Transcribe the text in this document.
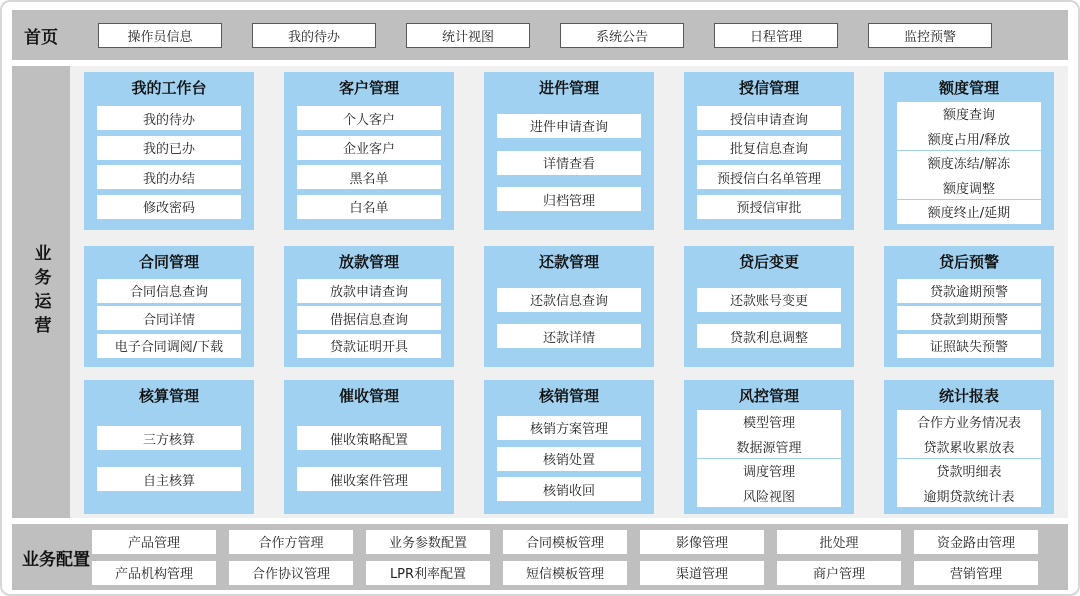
首页	操作员信息	我的待办	统计视图	系统公告	日程管理	监控预警
业务运营
我的工作台
我的待办
我的已办
我的办结
修改密码
客户管理
个人客户
企业客户
黑名单
白名单
进件管理
进件申请查询
详情查看
归档管理
授信管理
授信申请查询
批复信息查询
预授信白名单管理
预授信审批
额度管理
额度查询
额度占用/释放
额度冻结/解冻
额度调整
额度终止/延期
合同管理
合同信息查询
合同详情
电子合同调阅/下载
放款管理
放款申请查询
借据信息查询
贷款证明开具
还款管理
还款信息查询
还款详情
贷后变更
还款账号变更
贷款利息调整
贷后预警
贷款逾期预警
贷款到期预警
证照缺失预警
核算管理
三方核算
自主核算
催收管理
催收策略配置
催收案件管理
核销管理
核销方案管理
核销处置
核销收回
风控管理
模型管理
数据源管理
调度管理
风险视图
统计报表
合作方业务情况表
贷款累收累放表
贷款明细表
逾期贷款统计表
业务配置
产品管理	合作方管理	业务参数配置	合同模板管理	影像管理	批处理	资金路由管理
产品机构管理	合作协议管理	LPR利率配置	短信模板管理	渠道管理	商户管理	营销管理
